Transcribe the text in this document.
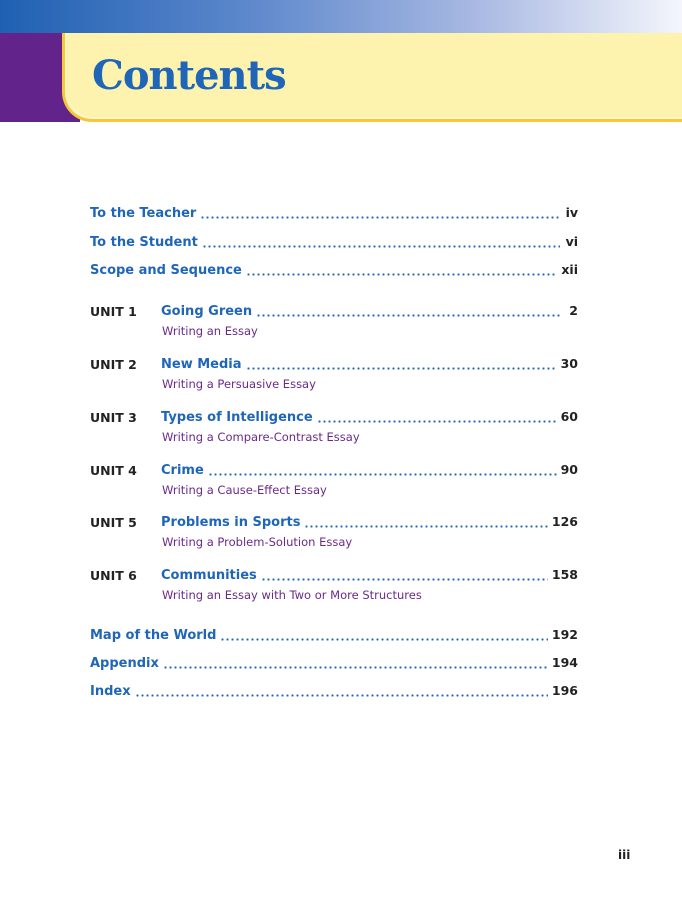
Contents
To the Teacher	iv
To the Student	vi
Scope and Sequence	xii
UNIT 1 Going Green	2
Writing an Essay
UNIT 2 New Media	30
Writing a Persuasive Essay
UNIT 3 Types of Intelligence	60
Writing a Compare-Contrast Essay
UNIT 4 Crime	90
Writing a Cause-Effect Essay
UNIT 5 Problems in Sports	126
Writing a Problem-Solution Essay
UNIT 6 Communities	158
Writing an Essay with Two or More Structures
Map of the World	192
Appendix	194
Index	196
iii
